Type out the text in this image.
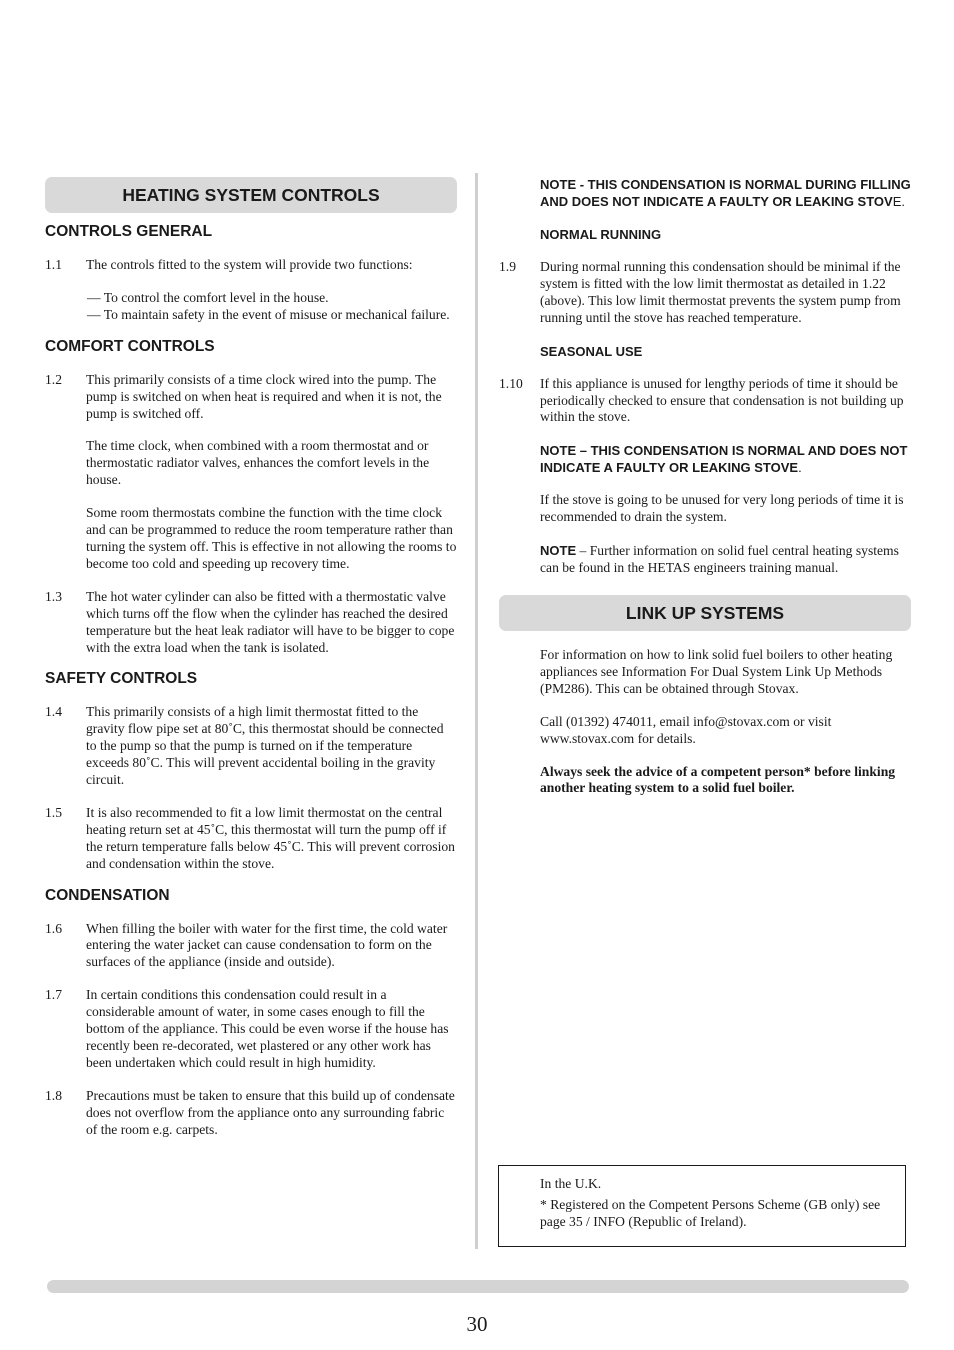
HEATING SYSTEM CONTROLS
CONTROLS GENERAL
1.1	The controls fitted to the system will provide two functions:
— To control the comfort level in the house.
— To maintain safety in the event of misuse or mechanical failure.
COMFORT CONTROLS
1.2	This primarily consists of a time clock wired into the pump. The pump is switched on when heat is required and when it is not, the pump is switched off.

The time clock, when combined with a room thermostat and or thermostatic radiator valves, enhances the comfort levels in the house.

Some room thermostats combine the function with the time clock and can be programmed to reduce the room temperature rather than turning the system off. This is effective in not allowing the rooms to become too cold and speeding up recovery time.

1.3	The hot water cylinder can also be fitted with a thermostatic valve which turns off the flow when the cylinder has reached the desired temperature but the heat leak radiator will have to be bigger to cope with the extra load when the tank is isolated.
SAFETY CONTROLS
1.4	This primarily consists of a high limit thermostat fitted to the gravity flow pipe set at 80˚C, this thermostat should be connected to the pump so that the pump is turned on if the temperature exceeds 80˚C. This will prevent accidental boiling in the gravity circuit.
1.5	It is also recommended to fit a low limit thermostat on the central heating return set at 45˚C, this thermostat will turn the pump off if the return temperature falls below 45˚C. This will prevent corrosion and condensation within the stove.
CONDENSATION
1.6	When filling the boiler with water for the first time, the cold water entering the water jacket can cause condensation to form on the surfaces of the appliance (inside and outside).
1.7	In certain conditions this condensation could result in a considerable amount of water, in some cases enough to fill the bottom of the appliance. This could be even worse if the house has recently been re-decorated, wet plastered or any other work has been undertaken which could result in high humidity.
1.8	Precautions must be taken to ensure that this build up of condensate does not overflow from the appliance onto any surrounding fabric of the room e.g. carpets.

NOTE - THIS CONDENSATION IS NORMAL DURING FILLING AND DOES NOT INDICATE A FAULTY OR LEAKING STOVE.

NORMAL RUNNING

1.9	During normal running this condensation should be minimal if the system is fitted with the low limit thermostat as detailed in 1.22 (above). This low limit thermostat prevents the system pump from running until the stove has reached temperature.

SEASONAL USE

1.10	If this appliance is unused for lengthy periods of time it should be periodically checked to ensure that condensation is not building up within the stove.

NOTE – THIS CONDENSATION IS NORMAL AND DOES NOT INDICATE A FAULTY OR LEAKING STOVE.

If the stove is going to be unused for very long periods of time it is recommended to drain the system.

NOTE – Further information on solid fuel central heating systems can be found in the HETAS engineers training manual.

LINK UP SYSTEMS

For information on how to link solid fuel boilers to other heating appliances see Information For Dual System Link Up Methods (PM286). This can be obtained through Stovax.

Call (01392) 474011, email info@stovax.com or visit www.stovax.com for details.

Always seek the advice of a competent person* before linking another heating system to a solid fuel boiler.

In the U.K.

* Registered on the Competent Persons Scheme (GB only) see page 35 / INFO (Republic of Ireland).

30
